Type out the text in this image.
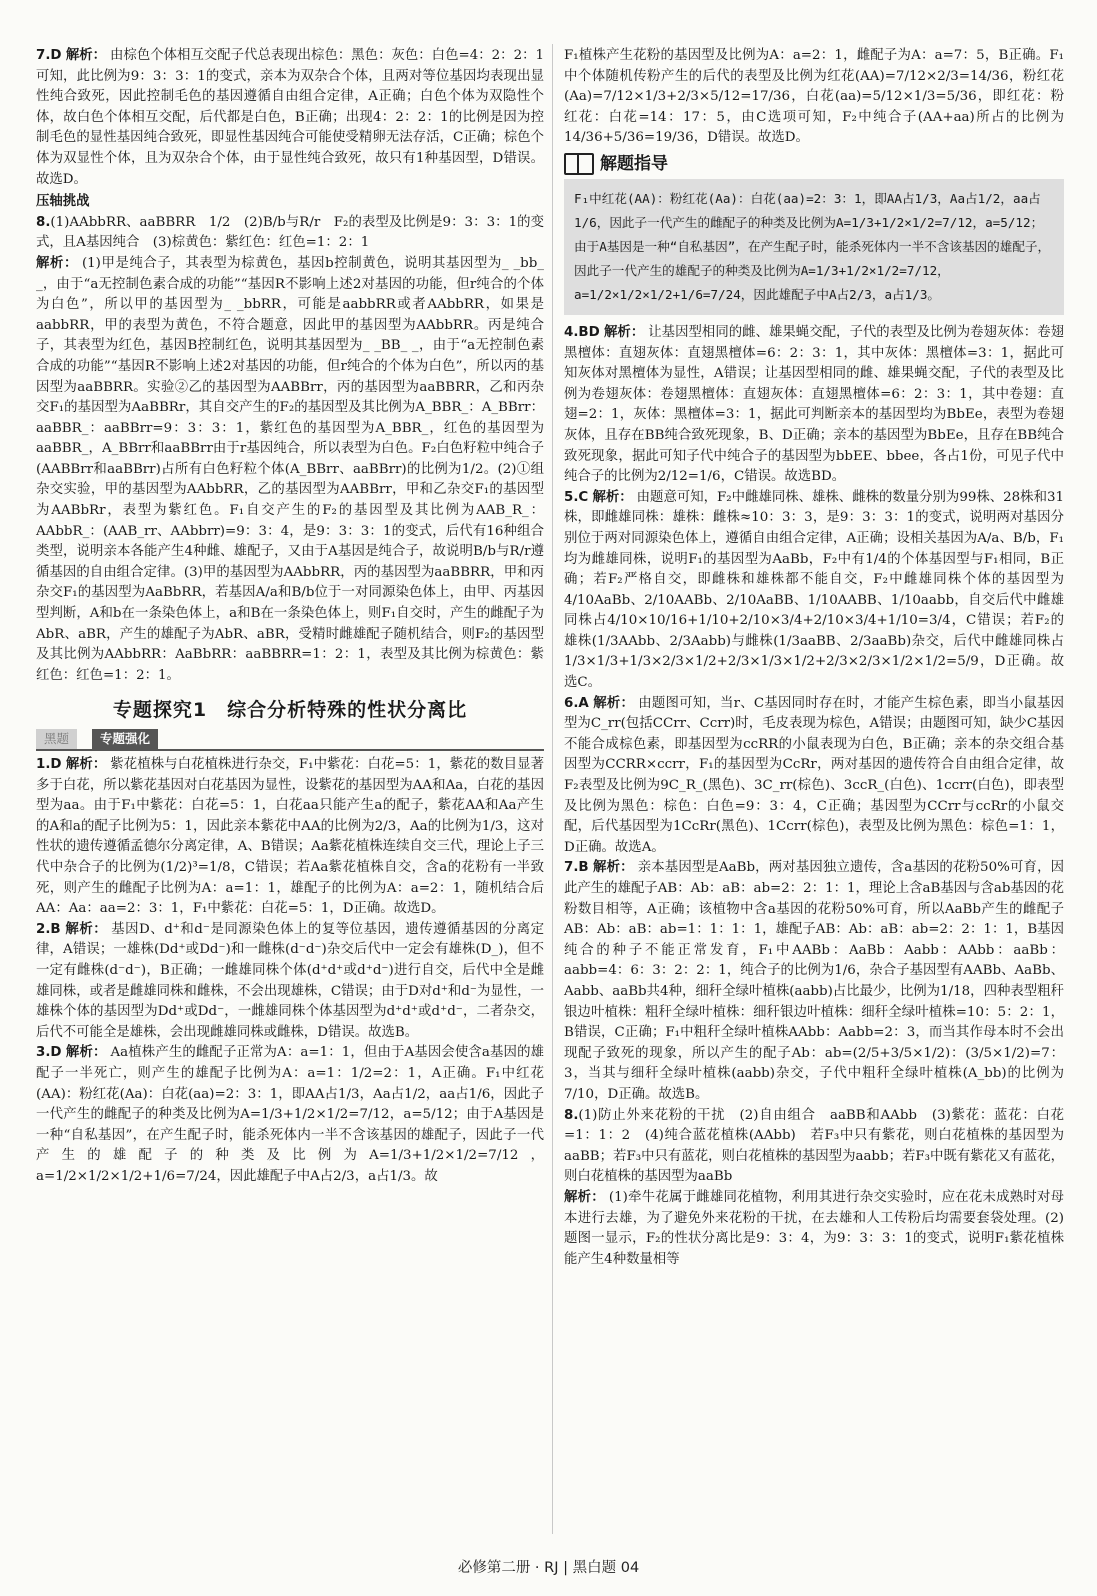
7.D 解析： 由棕色个体相互交配子代总表现出棕色：黑色：灰色：白色=4：2：2：1可知，此比例为9：3：3：1的变式，亲本为双杂合个体，且两对等位基因均表现出显性纯合致死，因此控制毛色的基因遵循自由组合定律，A正确；白色个体为双隐性个体，故白色个体相互交配，后代都是白色，B正确；出现4：2：2：1的比例是因为控制毛色的显性基因纯合致死，即显性基因纯合可能使受精卵无法存活，C正确；棕色个体为双显性个体，且为双杂合个体，由于显性纯合致死，故只有1种基因型，D错误。故选D。

压轴挑战

8.(1)AAbbRR、aaBBRR　1/2　(2)B/b与R/r　F₂的表型及比例是9：3：3：1的变式，且A基因纯合　(3)棕黄色：紫红色：红色=1：2：1

解析： (1)甲是纯合子，其表型为棕黄色，基因b控制黄色，说明其基因型为_ _bb_ _，由于“a无控制色素合成的功能”“基因R不影响上述2对基因的功能，但r纯合的个体为白色”，所以甲的基因型为_ _bbRR，可能是aabbRR或者AAbbRR，如果是aabbRR，甲的表型为黄色，不符合题意，因此甲的基因型为AAbbRR。丙是纯合子，其表型为红色，基因B控制红色，说明其基因型为_ _BB_ _，由于“a无控制色素合成的功能”“基因R不影响上述2对基因的功能，但r纯合的个体为白色”，所以丙的基因型为aaBBRR。实验②乙的基因型为AABBrr，丙的基因型为aaBBRR，乙和丙杂交F₁的基因型为AaBBRr，其自交产生的F₂的基因型及其比例为A_BBR_：A_BBrr：aaBBR_：aaBBrr=9：3：3：1，紫红色的基因型为A_BBR_，红色的基因型为aaBBR_，A_BBrr和aaBBrr由于r基因纯合，所以表型为白色。F₂白色籽粒中纯合子(AABBrr和aaBBrr)占所有白色籽粒个体(A_BBrr、aaBBrr)的比例为1/2。(2)①组杂交实验，甲的基因型为AAbbRR，乙的基因型为AABBrr，甲和乙杂交F₁的基因型为AABbRr，表型为紫红色。F₁自交产生的F₂的基因型及其比例为AAB_R_：AAbbR_：(AAB_rr、AAbbrr)=9：3：4，是9：3：3：1的变式，后代有16种组合类型，说明亲本各能产生4种雌、雄配子，又由于A基因是纯合子，故说明B/b与R/r遵循基因的自由组合定律。(3)甲的基因型为AAbbRR，丙的基因型为aaBBRR，甲和丙杂交F₁的基因型为AaBbRR，若基因A/a和B/b位于一对同源染色体上，由甲、丙基因型判断，A和b在一条染色体上，a和B在一条染色体上，则F₁自交时，产生的雌配子为AbR、aBR，产生的雄配子为AbR、aBR，受精时雌雄配子随机结合，则F₂的基因型及其比例为AAbbRR：AaBbRR：aaBBRR=1：2：1，表型及其比例为棕黄色：紫红色：红色=1：2：1。

专题探究1　综合分析特殊的性状分离比
黑题	专题强化

1.D 解析： 紫花植株与白花植株进行杂交，F₁中紫花：白花=5：1，紫花的数目显著多于白花，所以紫花基因对白花基因为显性，设紫花的基因型为AA和Aa，白花的基因型为aa。由于F₁中紫花：白花=5：1，白花aa只能产生a的配子，紫花AA和Aa产生的A和a的配子比例为5：1，因此亲本紫花中AA的比例为2/3，Aa的比例为1/3，这对性状的遗传遵循孟德尔分离定律，A、B错误；Aa紫花植株连续自交三代，理论上子三代中杂合子的比例为(1/2)³=1/8，C错误；若Aa紫花植株自交，含a的花粉有一半致死，则产生的雌配子比例为A：a=1：1，雄配子的比例为A：a=2：1，随机结合后AA：Aa：aa=2：3：1，F₁中紫花：白花=5：1，D正确。故选D。

2.B 解析： 基因D、d⁺和d⁻是同源染色体上的复等位基因，遗传遵循基因的分离定律，A错误；一雄株(Dd⁺或Dd⁻)和一雌株(d⁻d⁻)杂交后代中一定会有雄株(D_)，但不一定有雌株(d⁻d⁻)，B正确；一雌雄同株个体(d⁺d⁺或d⁺d⁻)进行自交，后代中全是雌雄同株，或者是雌雄同株和雌株，不会出现雄株，C错误；由于D对d⁺和d⁻为显性，一雄株个体的基因型为Dd⁺或Dd⁻，一雌雄同株个体基因型为d⁺d⁺或d⁺d⁻，二者杂交，后代不可能全是雄株，会出现雌雄同株或雌株，D错误。故选B。

3.D 解析： Aa植株产生的雌配子正常为A：a=1：1，但由于A基因会使含a基因的雄配子一半死亡，则产生的雄配子比例为A：a=1：1/2=2：1，A正确。F₁中红花(AA)：粉红花(Aa)：白花(aa)=2：3：1，即AA占1/3，Aa占1/2，aa占1/6，因此子一代产生的雌配子的种类及比例为A=1/3+1/2×1/2=7/12，a=5/12；由于A基因是一种“自私基因”，在产生配子时，能杀死体内一半不含该基因的雄配子，因此子一代产生的雄配子的种类及比例为A=1/3+1/2×1/2=7/12，a=1/2×1/2×1/2+1/6=7/24，因此雄配子中A占2/3，a占1/3。故

F₁植株产生花粉的基因型及比例为A：a=2：1，雌配子为A：a=7：5，B正确。F₁中个体随机传粉产生的后代的表型及比例为红花(AA)=7/12×2/3=14/36，粉红花(Aa)=7/12×1/3+2/3×5/12=17/36，白花(aa)=5/12×1/3=5/36，即红花：粉红花：白花=14：17：5，由C选项可知，F₂中纯合子(AA+aa)所占的比例为14/36+5/36=19/36，D错误。故选D。

解题指导
F₁中红花(AA)：粉红花(Aa)：白花(aa)=2：3：1，即AA占1/3，Aa占1/2，aa占1/6，因此子一代产生的雌配子的种类及比例为A=1/3+1/2×1/2=7/12，a=5/12；由于A基因是一种“自私基因”，在产生配子时，能杀死体内一半不含该基因的雄配子，因此子一代产生的雄配子的种类及比例为A=1/3+1/2×1/2=7/12，a=1/2×1/2×1/2+1/6=7/24，因此雄配子中A占2/3，a占1/3。

4.BD 解析： 让基因型相同的雌、雄果蝇交配，子代的表型及比例为卷翅灰体：卷翅黑檀体：直翅灰体：直翅黑檀体=6：2：3：1，其中灰体：黑檀体=3：1，据此可知灰体对黑檀体为显性，A错误；让基因型相同的雌、雄果蝇交配，子代的表型及比例为卷翅灰体：卷翅黑檀体：直翅灰体：直翅黑檀体=6：2：3：1，其中卷翅：直翅=2：1，灰体：黑檀体=3：1，据此可判断亲本的基因型均为BbEe，表型为卷翅灰体，且存在BB纯合致死现象，B、D正确；亲本的基因型为BbEe，且存在BB纯合致死现象，据此可知子代中纯合子的基因型为bbEE、bbee，各占1份，可见子代中纯合子的比例为2/12=1/6，C错误。故选BD。

5.C 解析： 由题意可知，F₂中雌雄同株、雄株、雌株的数量分别为99株、28株和31株，即雌雄同株：雄株：雌株≈10：3：3，是9：3：3：1的变式，说明两对基因分别位于两对同源染色体上，遵循自由组合定律，A正确；设相关基因为A/a、B/b，F₁均为雌雄同株，说明F₁的基因型为AaBb，F₂中有1/4的个体基因型与F₁相同，B正确；若F₂严格自交，即雌株和雄株都不能自交，F₂中雌雄同株个体的基因型为4/10AaBb、2/10AABb、2/10AaBB、1/10AABB、1/10aabb，自交后代中雌雄同株占4/10×10/16+1/10+2/10×3/4+2/10×3/4+1/10=3/4，C错误；若F₂的雄株(1/3AAbb、2/3Aabb)与雌株(1/3aaBB、2/3aaBb)杂交，后代中雌雄同株占1/3×1/3+1/3×2/3×1/2+2/3×1/3×1/2+2/3×2/3×1/2×1/2=5/9，D正确。故选C。

6.A 解析： 由题图可知，当r、C基因同时存在时，才能产生棕色素，即当小鼠基因型为C_rr(包括CCrr、Ccrr)时，毛皮表现为棕色，A错误；由题图可知，缺少C基因不能合成棕色素，即基因型为ccRR的小鼠表现为白色，B正确；亲本的杂交组合基因型为CCRR×ccrr，F₁的基因型为CcRr，两对基因的遗传符合自由组合定律，故F₂表型及比例为9C_R_(黑色)、3C_rr(棕色)、3ccR_(白色)、1ccrr(白色)，即表型及比例为黑色：棕色：白色=9：3：4，C正确；基因型为CCrr与ccRr的小鼠交配，后代基因型为1CcRr(黑色)、1Ccrr(棕色)，表型及比例为黑色：棕色=1：1，D正确。故选A。

7.B 解析： 亲本基因型是AaBb，两对基因独立遗传，含a基因的花粉50%可育，因此产生的雄配子AB：Ab：aB：ab=2：2：1：1，理论上含aB基因与含ab基因的花粉数目相等，A正确；该植物中含a基因的花粉50%可育，所以AaBb产生的雌配子AB：Ab：aB：ab=1：1：1：1，雄配子AB：Ab：aB：ab=2：2：1：1，B基因纯合的种子不能正常发育，F₁中AABb：AaBb：Aabb：AAbb：aaBb：aabb=4：6：3：2：2：1，纯合子的比例为1/6，杂合子基因型有AABb、AaBb、Aabb、aaBb共4种，细秆全绿叶植株(aabb)占比最少，比例为1/18，四种表型粗秆银边叶植株：粗秆全绿叶植株：细秆银边叶植株：细秆全绿叶植株=10：5：2：1，B错误，C正确；F₁中粗秆全绿叶植株AAbb：Aabb=2：3，而当其作母本时不会出现配子致死的现象，所以产生的配子Ab：ab=(2/5+3/5×1/2)：(3/5×1/2)=7：3，当其与细秆全绿叶植株(aabb)杂交，子代中粗秆全绿叶植株(A_bb)的比例为7/10，D正确。故选B。

8.(1)防止外来花粉的干扰　(2)自由组合　aaBB和AAbb　(3)紫花：蓝花：白花=1：1：2　(4)纯合蓝花植株(AAbb)　若F₃中只有紫花，则白花植株的基因型为aaBB；若F₃中只有蓝花，则白花植株的基因型为aabb；若F₃中既有紫花又有蓝花，则白花植株的基因型为aaBb

解析： (1)牵牛花属于雌雄同花植物，利用其进行杂交实验时，应在花未成熟时对母本进行去雄，为了避免外来花粉的干扰，在去雄和人工传粉后均需要套袋处理。(2)题图一显示，F₂的性状分离比是9：3：4，为9：3：3：1的变式，说明F₁紫花植株能产生4种数量相等

必修第二册 · RJ | 黑白题 04
